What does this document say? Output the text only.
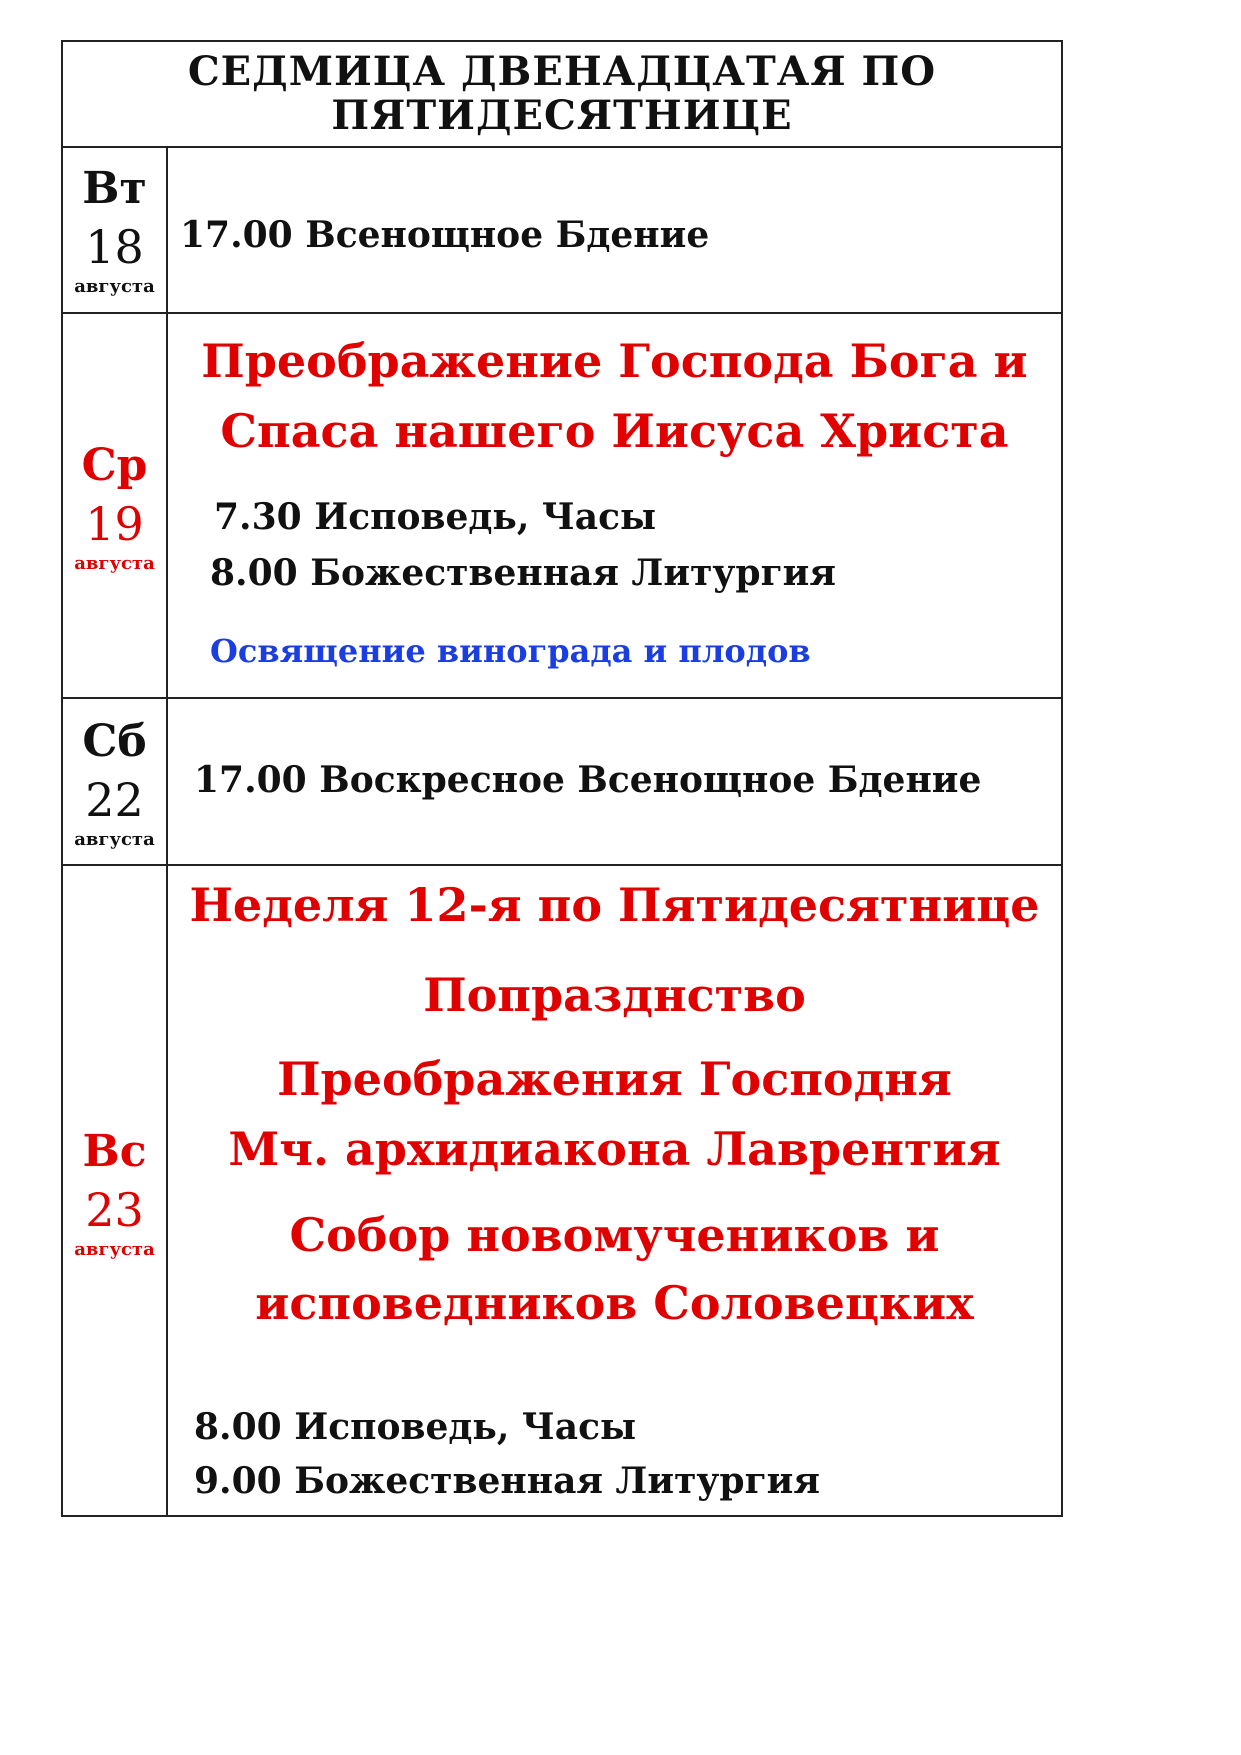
СЕДМИЦА ДВЕНАДЦАТАЯ ПО
ПЯТИДЕСЯТНИЦЕ
Вт
18
августа
17.00 Всенощное Бдение
Ср
19
августа
Преображение Господа Бога и
Спаса нашего Иисуса Христа
7.30 Исповедь, Часы
8.00 Божественная Литургия
Освящение винограда и плодов
Сб
22
августа
17.00 Воскресное Всенощное Бдение
Вс
23
августа
Неделя 12-я по Пятидесятнице
Попразднство
Преображения Господня
Мч. архидиакона Лаврентия
Собор новомучеников и
исповедников Соловецких
8.00 Исповедь, Часы
9.00 Божественная Литургия
